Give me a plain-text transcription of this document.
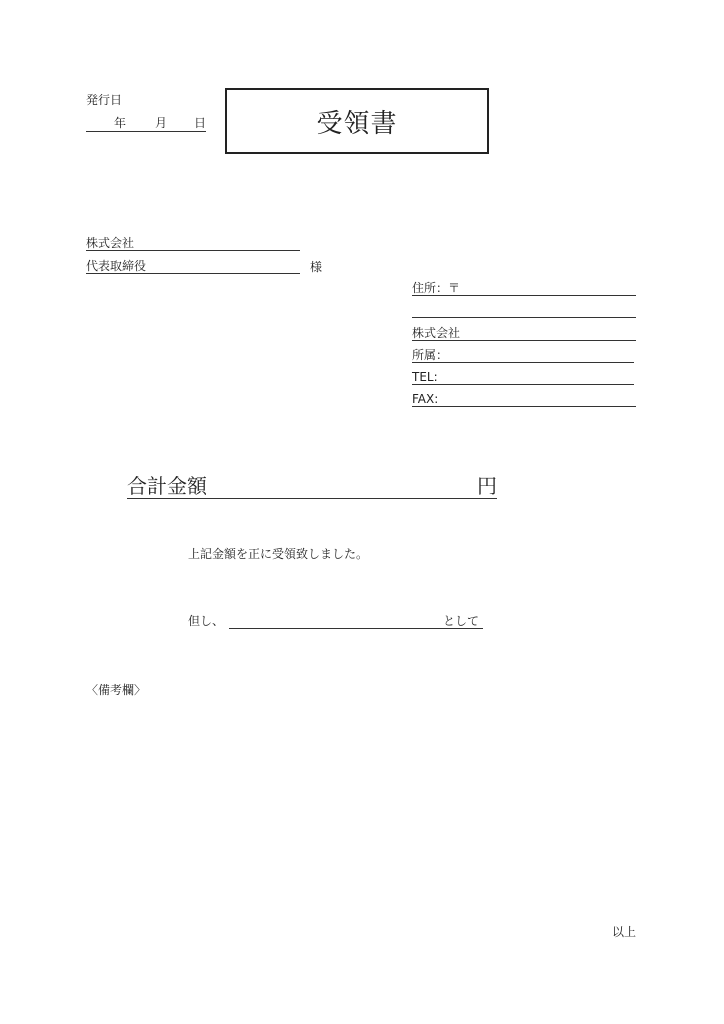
発行日
年 月 日	受領書
株式会社
代表取締役	様
住所：〒
株式会社
所属：
TEL:
FAX:
合計金額	円
上記金額を正に受領致しました。
但し、	として
〈備考欄〉
以上
